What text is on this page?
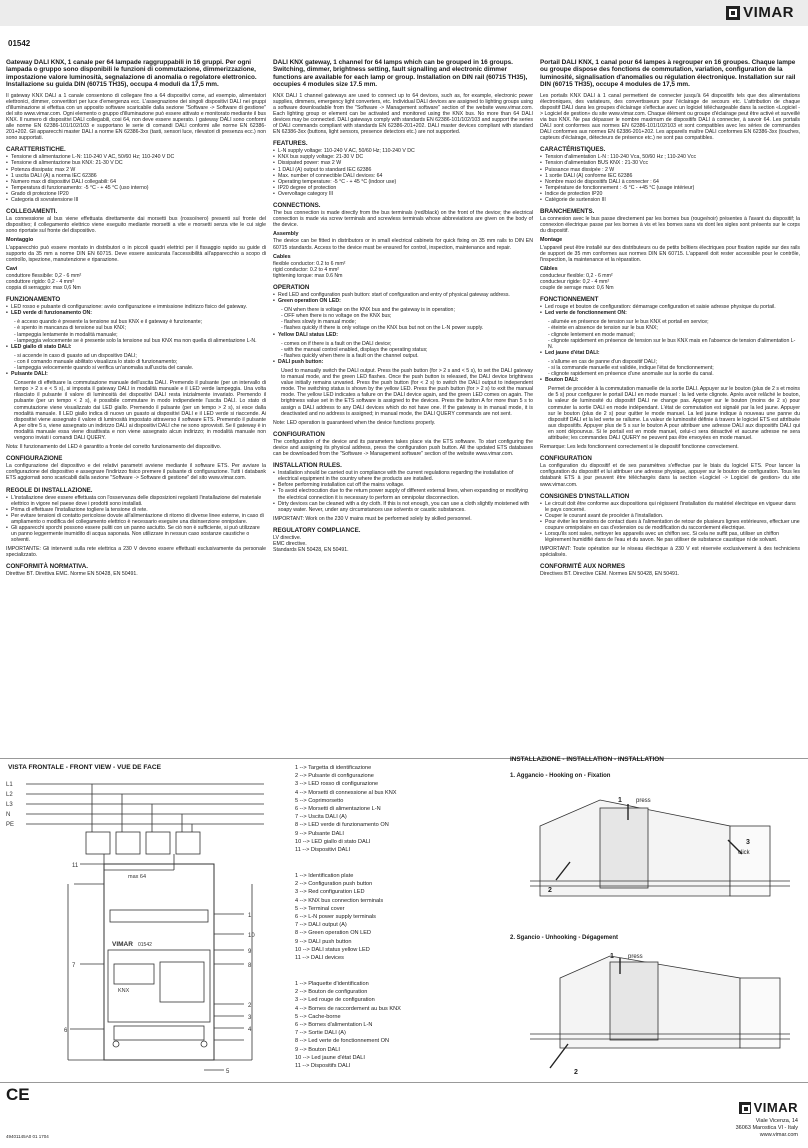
VIMAR
01542
Gateway DALI KNX, 1 canale per 64 lampade raggruppabili in 16 gruppi. Per ogni lampada o gruppo sono disponibili le funzioni di commutazione, dimmerizzazione, impostazione valore luminosità, segnalazione di anomalia o regolatore elettronico. Installazione su guida DIN (60715 TH35), occupa 4 moduli da 17,5 mm.

Il gateway KNX DALI a 1 canale consentono di collegare fino a 64 dispositivi come, ad esempio, alimentatori elettronici, dimmer, convertitori per luce d'emergenza ecc. L'assegnazione dei singoli dispositivi DALI nei gruppi d'illuminazione si effettua con un apposito software scaricabile dalla sezione "Software -> Software di gestione" del sito www.vimar.com. Ogni elemento o gruppo d'illuminazione può essere attivato e monitorato mediante il bus KNX. Il numero di dispositivi DALI collegabili, cosi 64, non deve essere superato. I gateway DALI sono conformi alle norme EN 62386-101/102/103 e supportano le serie di comandi DALI conformi alle norme EN 62386-201+202. Gli apparecchi master DALI a norme EN 62386-3xx (tasti, sensori luce, rilevatori di presenza ecc.) non sono supportati.

CARATTERISTICHE.
• Tensione di alimentazione L-N: 110-240 V AC, 50/60 Hz; 110-240 V DC
• Tensione di alimentazione bus KNX: 21-30 V DC
• Potenza dissipata: max 2 W
• 1 uscita DALI (A) a norma IEC 62386
• Numero max di dispositivi DALI collegabili: 64
• Temperatura di funzionamento: -5 °C - + 45 °C (uso interno)
• Grado di protezione IP20
• Categoria di sovratensione III
COLLEGAMENTI.

La connessione al bus viene effettuata direttamente dai morsetti bus (rosso/nero) presenti sul fronte del dispositivo; il collegamento elettrico viene eseguito mediante morsetti a vite e morsetti senza vite le cui sigle sono riportate sul fronte del dispositivo.

Montaggio

L'apparecchio può essere montato in distributori o in piccoli quadri elettrici per il fissaggio rapido su guide di supporto da 35 mm a norme DIN EN 60715. Deve essere assicurata l'accessibilità all'apparecchio a scopo di controllo, ispezione, manutenzione e riparazione.

Cavi
conduttore flessibile: 0,2 - 6 mm²
conduttore rigido: 0,2 - 4 mm²
coppia di serraggio: max 0,6 Nm
FUNZIONAMENTO
• LED rosso e pulsante di configurazione: avvio configurazione e immissione indirizzo fisico del gateway.
• LED verde di funzionamento ON:
- è acceso quando è presente la tensione sul bus KNX e il gateway è funzionante;
- è spento in mancanza di tensione sul bus KNX;
- lampeggia lentamente in modalità manuale;
- lampeggia velocemente se è presente solo la tensione sul bus KNX ma non quella di alimentazione L-N.
• LED giallo di stato DALI:
- si accende in caso di guasto ad un dispositivo DALI;
- con il comando manuale abilitato visualizza lo stato di funzionamento;
- lampeggia velocemente quando si verifica un'anomalia sull'uscita del canale.
• Pulsante DALI:

Consente di effettuare la commutazione manuale dell'uscita DALI. Premendo il pulsante (per un intervallo di tempo > 2 s e < 5 s), si imposta il gateway DALI in modalità manuale e il LED verde lampeggia. Una volta rilasciato il pulsante il valore di luminosità dei dispositivi DALI resta inizialmente invariato. Premendo il pulsante (per un tempo < 2 s), è possibile commutare in modo indipendente l'uscita DALI. Lo stato di commutazione viene visualizzato dai LED giallo. Premendo il pulsante (per un tempo > 2 s), si esce dalla modalità manuale. Il LED giallo indica di nuovo un guasto ai dispositivi DALI e il LED verde si riaccende. Ai dispositivi viene assegnato il valore di luminosità impostato attraverso il software ETS. Premendo il pulsante A per oltre 5 s, viene assegnato un indirizzo DALI ai dispositivi DALI che ne sono sprovvisti. Se il gateway è in modalità manuale essa viene disattivata e non viene assegnato alcun indirizzo; in modalità manuale non vengono inviati i comandi DALI QUERY.

Nota: Il funzionamento del LED è garantito a fronte del corretto funzionamento del dispositivo.

CONFIGURAZIONE

La configurazione del dispositivo e dei relativi parametri avviene mediante il software ETS. Per avviare la configurazione del dispositivo e assegnare l'indirizzo fisico premere il pulsante di configurazione. Tutti i databank ETS aggiornati sono scaricabili dalla sezione "Software -> Software di gestione" del sito www.vimar.com.

REGOLE DI INSTALLAZIONE.
• L'installazione deve essere effettuata con l'osservanza delle disposizioni regolanti l'installazione del materiale elettrico in vigore nel paese dove i prodotti sono installati.
• Prima di effettuare l'installazione togliere la tensione di rete.
• Per evitare tensioni di contatto pericolose dovute all'alimentazione di ritorno di diverse linee esterne, in caso di ampliamento o modifica del collegamento elettrico è necessario eseguire una disinserzione onnipolare.
• Gli apparecchi sporchi possono essere puliti con un panno asciutto. Se ciò non è sufficiente, si può utilizzare un panno leggermente inumidito di acqua saponata. Non utilizzare in nessun caso sostanze caustiche o solventi.

IMPORTANTE: Gli interventi sulla rete elettrica a 230 V devono essere effettuati esclusivamente da personale specializzato.

CONFORMITÀ NORMATIVA.

Direttive BT. Direttiva EMC. Norme EN 50428, EN 50491.

DALI KNX gateway, 1 channel for 64 lamps which can be grouped in 16 groups. Switching, dimmer, brightness setting, fault signalling and electronic dimmer functions are available for each lamp or group. Installation on DIN rail (60715 TH35), occupies 4 modules size 17.5 mm.

KNX DALI 1 channel gateways are used to connect up to 64 devices, such as, for example, electronic power supplies, dimmers, emergency light converters, etc. Individual DALI devices are assigned to lighting groups using a software downloadable from the "Software -> Management software" section of the website www.vimar.com. Each lighting group or element can be activated and monitored using the KNX bus. No more than 64 DALI devices may be connected. DALI gateways comply with standards EN 62386-101/102/103 and support the series of DALI commands compliant with standards EN 62386-201+202. DALI master devices compliant with standard EN 62386-3xx (buttons, light sensors, presence detectors etc.) are not supported.

FEATURES.
• L-N supply voltage: 110-240 V AC, 50/60 Hz; 110-240 V DC
• KNX bus supply voltage: 21-30 V DC
• Dissipated power: max 2 W
• 1 DALI (A) output to standard IEC 62386
• Max. number of connectible DALI devices: 64
• Operating temperature: -5 °C - + 45 °C (indoor use)
• IP20 degree of protection
• Overvoltage category III
CONNECTIONS.

The bus connection is made directly from the bus terminals (red/black) on the front of the device; the electrical connection is made via screw terminals and screwless terminals whose abbreviations are given on the body of the device.

Assembly

The device can be fitted in distributors or in small electrical cabinets for quick fixing on 35 mm rails to DIN EN 60715 standards. Access to the device must be ensured for control, inspection, maintenance and repair.

Cables
flexible conductor: 0.2 to 6 mm²
rigid conductor: 0.2 to 4 mm²
tightening torque: max 0.6 Nm
OPERATION
• Red LED and configuration push button: start of configuration and entry of physical gateway address.
• Green operation ON LED:
- ON when there is voltage on the KNX bus and the gateway is in operation;
- OFF when there is no voltage on the KNX bus;
- flashes slowly in manual mode;
- flashes quickly if there is only voltage on the KNX bus but not on the L-N power supply.
• Yellow DALI status LED:
- comes on if there is a fault on the DALI device;
- with the manual control enabled, displays the operating status;
- flashes quickly when there is a fault on the channel output.
• DALI push button:

Used to manually switch the DALI output. Press the push button (for > 2 s and < 5 s), to set the DALI gateway to manual mode, and the green LED flashes. Once the push button is released, the DALI device brightness value initially remains unvaried. Press the push button (for < 2 s) to switch the DALI output to independent mode. The switching status is shown by the yellow LED. Press the push button (for > 2 s) to exit the manual mode. The yellow LED indicates a failure on the DALI device again, and the green LED comes on again. The brightness value set in the ETS software is assigned to the devices. Press the button A for more than 5 s to assign a DALI address to any DALI devices which do not have one. If the gateway is in manual mode, it is deactivated and no address is assigned; in manual mode, the DALI QUERY commands are not sent.

Note: LED operation is guaranteed when the device functions properly.

CONFIGURATION

The configuration of the device and its parameters takes place via the ETS software. To start configuring the device and assigning its physical address, press the configuration push button. All the updated ETS databases can be downloaded from the "Software -> Management software" section of the website www.vimar.com.

INSTALLATION RULES.
• Installation should be carried out in compliance with the current regulations regarding the installation of electrical equipment in the country where the products are installed.
• Before performing installation cut off the mains voltage.
• To avoid electrocution due to the return power supply of different external lines, when expanding or modifying the electrical connection it is necessary to perform an omnipolar disconnection.
• Dirty devices can be cleaned with a dry cloth. If this is not enough, you can use a cloth slightly moistened with soapy water. Never, under any circumstances use solvents or caustic substances.

IMPORTANT: Work on the 230 V mains must be performed solely by skilled personnel.

REGULATORY COMPLIANCE.
LV directive.
EMC directive.
Standards EN 50428, EN 50491.
Portail DALI KNX, 1 canal pour 64 lampes à regrouper en 16 groupes. Chaque lampe ou groupe dispose des fonctions de commutation, variation, configuration de la luminosité, signalisation d'anomalies ou régulation électronique. Installation sur rail DIN (60715 TH35), occupe 4 modules de 17,5 mm.

Les portails KNX DALI à 1 canal permettent de connecter jusqu'à 64 dispositifs tels que des alimentations électroniques, des variateurs, des convertisseurs pour l'éclairage de secours etc. L'attribution de chaque dispositif DALI dans les groupes d'éclairage s'effectue avec un logiciel téléchargeable dans la section «Logiciel -> Logiciel de gestion» du site www.vimar.com. Chaque élément ou groupe d'éclairage peut être activé et surveillé via bus KNX. Ne pas dépasser le nombre maximum de dispositifs DALI à connecter, à savoir 64. Les portails DALI sont conformes aux normes EN 62386-101/102/103 et sont compatibles avec les séries de commandes DALI conformes aux normes EN 62386-201+202. Les appareils maître DALI conformes EN 62386-3xx (touches, capteurs d'éclairage, détecteurs de présence etc.) ne sont pas compatibles.

CARACTÉRISTIQUES.
• Tension d'alimentation L-N : 110-240 Vca, 50/60 Hz ; 110-240 Vcc
• Tension d'alimentation BUS KNX : 21-30 Vcc
• Puissance max dissipée : 2 W
• 1 sortie DALI (A) conforme IEC 62386
• Nombre maxi de dispositifs DALI à connecter : 64
• Température de fonctionnement : -5 °C - +45 °C (usage intérieur)
• Indice de protection IP20
• Catégorie de surtension III
BRANCHEMENTS.

La connexion avec le bus passe directement par les bornes bus (rouge/noir) présentes à l'avant du dispositif; la connexion électrique passe par les bornes à vis et les bornes sans vis dont les sigles sont présents sur le corps du dispositif.

Montage

L'appareil peut être installé sur des distributeurs ou de petits boîtiers électriques pour fixation rapide sur des rails de support de 35 mm conformes aux normes DIN EN 60715. L'appareil doit rester accessible pour le contrôle, l'inspection, la maintenance et la réparation.

Câbles
conducteur flexible: 0,2 - 6 mm²
conducteur rigide: 0,2 - 4 mm²
couple de serrage maxi: 0,6 Nm
FONCTIONNEMENT
• Led rouge et bouton de configuration: démarrage configuration et saisie adresse physique du portail.
• Led verte de fonctionnement ON:
- allumée en présence de tension sur le bus KNX et portail en service;
- éteinte en absence de tension sur le bus KNX;
- clignote lentement en mode manuel;
- clignote rapidement en présence de tension sur le bus KNX mais en l'absence de tension d'alimentation L-N.
• Led jaune d'état DALI:
- s'allume en cas de panne d'un dispositif DALI;
- si la commande manuelle est validée, indique l'état de fonctionnement;
- clignote rapidement en présence d'une anomalie sur la sortie du canal.
• Bouton DALI:

Permet de procéder à la commutation manuelle de la sortie DALI. Appuyer sur le bouton (plus de 2 s et moins de 5 s) pour configurer le portail DALI en mode manuel : la led verte clignote. Après avoir relâché le bouton, la valeur de luminosité du dispositif DALI ne change pas. Appuyer sur le bouton (moins de 2 s) pour commuter la sortie DALI en mode indépendant. L'état de commutation est signalé par la led jaune. Appuyer sur le bouton (plus de 2 s) pour quitter le mode manuel. La led jaune indique à nouveau une panne du dispositif DALI et la led verte se rallume. La valeur de luminosité définie à travers le logiciel ETS est attribuée aux dispositifs. Appuyer plus de 5 s sur le bouton A pour attribuer une adresse DALI aux dispositifs DALI qui en sont dépourvus. Si le portail est en mode manuel, celui-ci sera désactivé et aucune adresse ne sera attribuée; les commandes DALI QUERY ne peuvent pas être envoyées en mode manuel.

Remarque: Les leds fonctionnent correctement si le dispositif fonctionne correctement.

CONFIGURATION

La configuration du dispositif et de ses paramètres s'effectue par le biais du logiciel ETS. Pour lancer la configuration du dispositif et lui attribuer une adresse physique, appuyer sur le bouton de configuration. Tous les databank ETS à jour peuvent être téléchargés dans la section «Logiciel -> Logiciel de gestion» du site www.vimar.com.

CONSIGNES D'INSTALLATION
• Le circuit doit être conforme aux dispositions qui régissent l'installation du matériel électrique en vigueur dans le pays concerné.
• Couper le courant avant de procéder à l'installation.
• Pour éviter les tensions de contact dues à l'alimentation de retour de plusieurs lignes extérieures, effectuer une coupure omnipolaire en cas d'extension ou de modification du raccordement électrique.
• Lorsqu'ils sont sales, nettoyer les appareils avec un chiffon sec. Si cela ne suffit pas, utiliser un chiffon légèrement humidifié dans de l'eau et du savon. Ne pas utiliser de substance caustique ni de solvant.

IMPORTANT: Toute opération sur le réseau électrique à 230 V est réservée exclusivement à des techniciens spécialisés.

CONFORMITÉ AUX NORMES

Directives BT. Directive CEM. Normes EN 50428, EN 50491.

VISTA FRONTALE - FRONT VIEW - VUE DE FACE
L1
L2
L3
N
PE
max 64
VIMAR 01542
KNX
11
7
6
1
10
9
8
2
3
4
5
1 --> Targetta di identificazione
2 --> Pulsante di configurazione
3 --> LED rosso di configurazione
4 --> Morsetti di connessione al bus KNX
5 --> Coprimorsetto
6 --> Morsetti di alimentazione L-N
7 --> Uscita DALI (A)
8 --> LED verde di funzionamento ON
9 --> Pulsante DALI
10 --> LED giallo di stato DALI
11 --> Dispositivi DALI
1 --> Identification plate
2 --> Configuration push button
3 --> Red configuration LED
4 --> KNX bus connection terminals
5 --> Terminal cover
6 --> L-N power supply terminals
7 --> DALI output (A)
8 --> Green operation ON LED
9 --> DALI push button
10 --> DALI status yellow LED
11 --> DALI devices
1 --> Plaquette d'identification
2 --> Bouton de configuration
3 --> Led rouge de configuration
4 --> Bornes de raccordement au bus KNX
5 --> Cache-borne
6 --> Bornes d'alimentation L-N
7 --> Sortie DALI (A)
8 --> Led verte de fonctionnement ON
9 --> Bouton DALI
10 --> Led jaune d'état DALI
11 --> Dispositifs DALI
INSTALLAZIONE - INSTALLATION - INSTALLATION
1. Aggancio - Hooking on - Fixation
1 press
2
3
click
2. Sgancio - Unhooking - Dégagement
1 press
2
CE
49401145A0 01 1704
VIMAR
Viale Vicenza, 14
36063 Marostica VI - Italy
www.vimar.com
